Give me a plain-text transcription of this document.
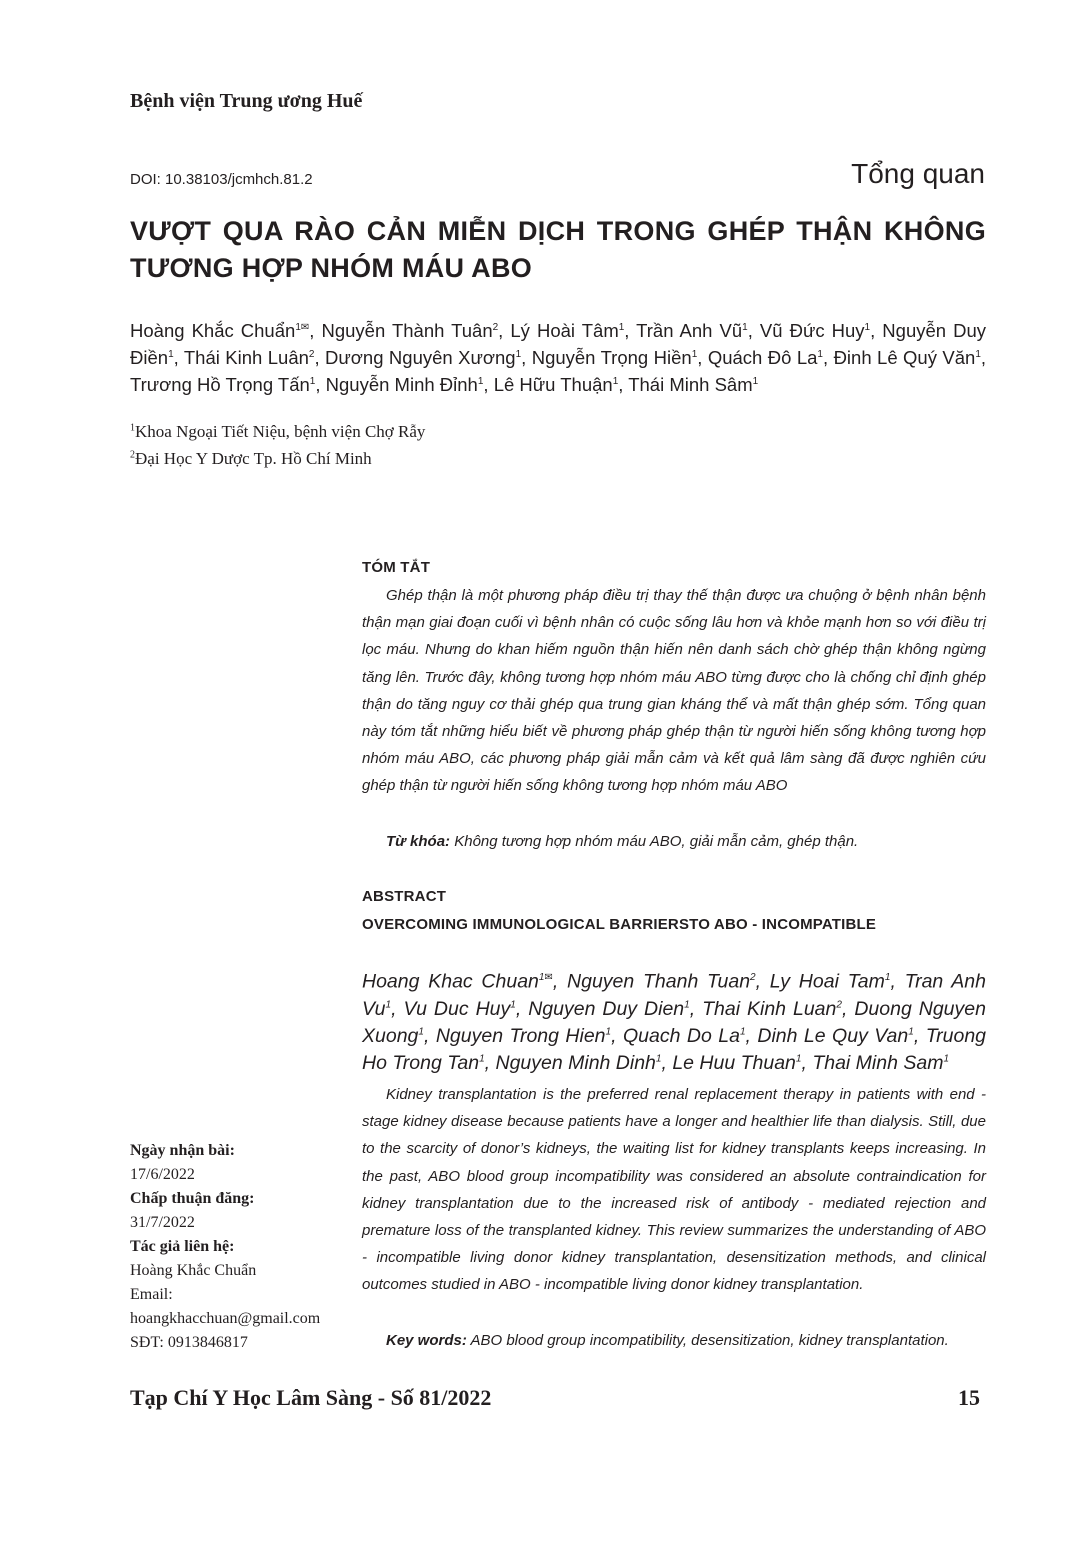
Bệnh viện Trung ương Huế
DOI: 10.38103/jcmhch.81.2	Tổng quan
VƯỢT QUA RÀO CẢN MIỄN DỊCH TRONG GHÉP THẬN KHÔNG TƯƠNG HỢP NHÓM MÁU ABO
Hoàng Khắc Chuẩn$^{1✉}$, Nguyễn Thành Tuân$^2$, Lý Hoài Tâm$^1$, Trần Anh $Vũ^1$, Vũ Đức Huy$^1$, Nguyễn Duy Điền$^1$, Thái Kinh Luân$^2$, Dương Nguyên Xương$^1$, Nguyễn Trọng Hiền$^1$, Quách Đô La$^1$, Đinh Lê Quý Văn$^1$, Trương Hồ Trọng Tấn$^1$, Nguyễn Minh Đỉnh$^1$, Lê Hữu Thuận$^1$, Thái Minh Sâm$^1$
$^1$Khoa Ngoại Tiết Niệu, bệnh viện Chợ Rẫy
$^2$Đại Học Y Dược Tp. Hồ Chí Minh
TÓM TẮT

Ghép thận là một phương pháp điều trị thay thế thận được ưa chuộng ở bệnh nhân bệnh thận mạn giai đoạn cuối vì bệnh nhân có cuộc sống lâu hơn và khỏe mạnh hơn so với điều trị lọc máu. Nhưng do khan hiếm nguồn thận hiến nên danh sách chờ ghép thận không ngừng tăng lên. Trước đây, không tương hợp nhóm máu ABO từng được cho là chống chỉ định ghép thận do tăng nguy cơ thải ghép qua trung gian kháng thể và mất thận ghép sớm. Tổng quan này tóm tắt những hiểu biết về phương pháp ghép thận từ người hiến sống không tương hợp nhóm máu ABO, các phương pháp giải mẫn cảm và kết quả lâm sàng đã được nghiên cứu ghép thận từ người hiến sống không tương hợp nhóm máu ABO

Từ khóa: Không tương hợp nhóm máu ABO, giải mẫn cảm, ghép thận.
ABSTRACT
OVERCOMING IMMUNOLOGICAL BARRIERSTO ABO - INCOMPATIBLE

Hoang Khac Chuan$^{1✉}$, Nguyen Thanh Tuan$^2$, Ly Hoai Tam$^1$, Tran Anh Vu$^1$, Vu Duc Huy$^1$, Nguyen Duy Dien$^1$, Thai Kinh Luan$^2$, Duong Nguyen Xuong$^1$, Nguyen Trong Hien$^1$, Quach Do La$^1$, Dinh Le Quy Van$^1$, Truong Ho Trong Tan$^1$, Nguyen Minh Dinh$^1$, Le Huu Thuan$^1$, Thai Minh Sam$^1$

Kidney transplantation is the preferred renal replacement therapy in patients with end - stage kidney disease because patients have a longer and healthier life than dialysis. Still, due to the scarcity of donor’s kidneys, the waiting list for kidney transplants keeps increasing. In the past, ABO blood group incompatibility was considered an absolute contraindication for kidney transplantation due to the increased risk of antibody - mediated rejection and premature loss of the transplanted kidney. This review summarizes the understanding of ABO - incompatible living donor kidney transplantation, desensitization methods, and clinical outcomes studied in ABO - incompatible living donor kidney transplantation.

Key words: ABO blood group incompatibility, desensitization, kidney transplantation.
Ngày nhận bài:
17/6/2022
Chấp thuận đăng:
31/7/2022
Tác giả liên hệ:
Hoàng Khắc Chuẩn
Email:
hoangkhacchuan@gmail.com
SĐT: 0913846817
Tạp Chí Y Học Lâm Sàng - Số 81/2022	15
